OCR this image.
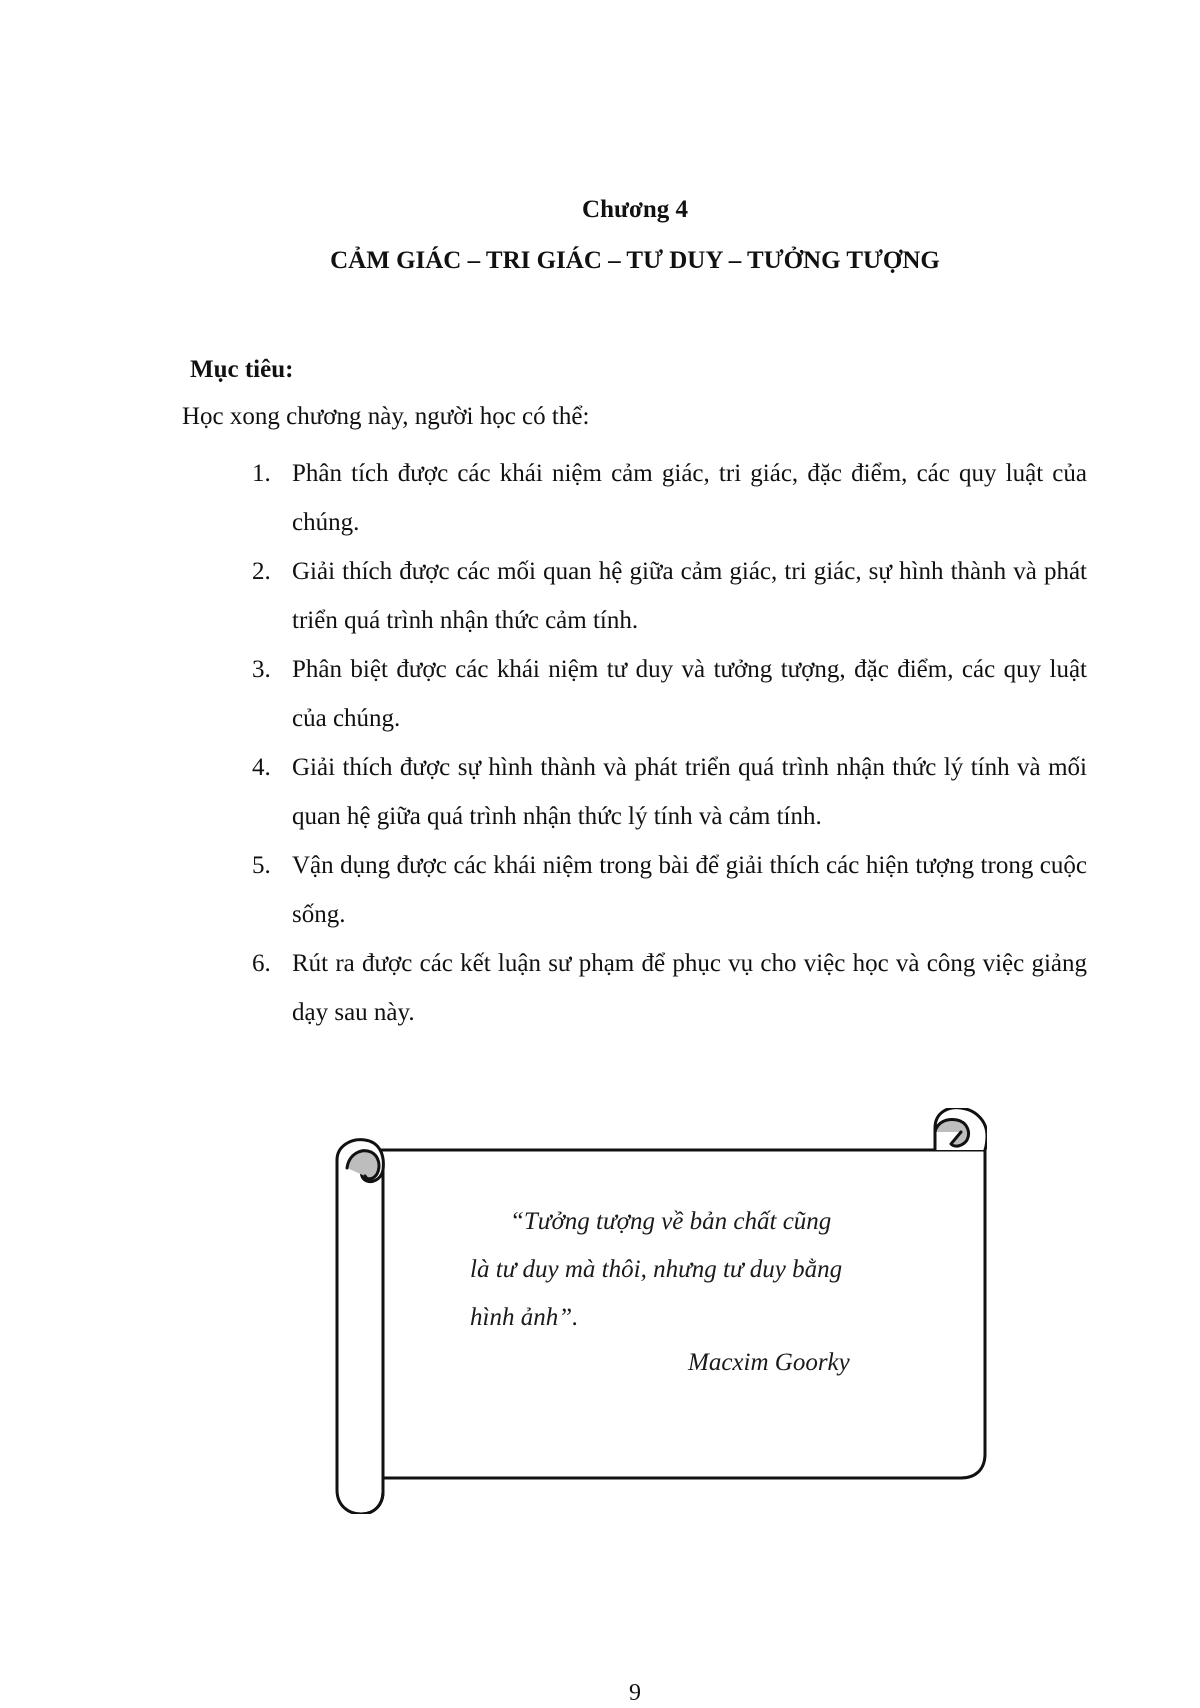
Chương 4
CẢM GIÁC – TRI GIÁC – TƯ DUY – TƯỞNG TƯỢNG
Mục tiêu:
Học xong chương này, người học có thể:
1. Phân tích được các khái niệm cảm giác, tri giác, đặc điểm, các quy luật của chúng.
2. Giải thích được các mối quan hệ giữa cảm giác, tri giác, sự hình thành và phát triển quá trình nhận thức cảm tính.
3. Phân biệt được các khái niệm tư duy và tưởng tượng, đặc điểm, các quy luật của chúng.
4. Giải thích được sự hình thành và phát triển quá trình nhận thức lý tính và mối quan hệ giữa quá trình nhận thức lý tính và cảm tính.
5. Vận dụng được các khái niệm trong bài để giải thích các hiện tượng trong cuộc sống.
6. Rút ra được các kết luận sư phạm để phục vụ cho việc học và công việc giảng dạy sau này.
“Tưởng tượng về bản chất cũng
là tư duy mà thôi, nhưng tư duy bằng
hình ảnh”.
Macxim Goorky
9
